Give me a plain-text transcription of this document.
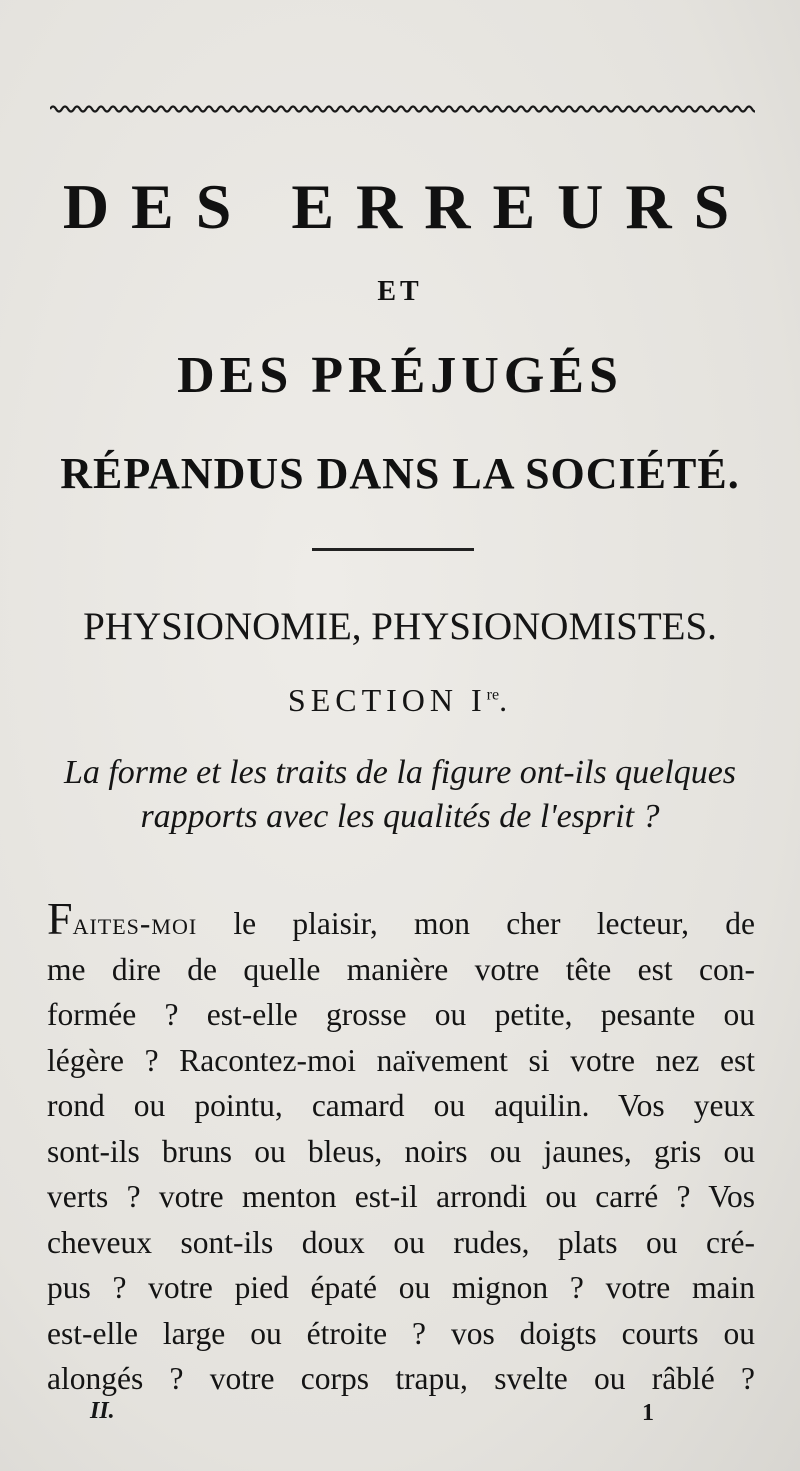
DES ERREURS
ET
DES PRÉJUGÉS
RÉPANDUS DANS LA SOCIÉTÉ.
PHYSIONOMIE, PHYSIONOMISTES.
SECTION Ire.
La forme et les traits de la figure ont-ils quelques
rapports avec les qualités de l'esprit ?
Faites-moi le plaisir, mon cher lecteur, de
me dire de quelle manière votre tête est con-
formée ? est-elle grosse ou petite, pesante ou
légère ? Racontez-moi naïvement si votre nez est
rond ou pointu, camard ou aquilin. Vos yeux
sont-ils bruns ou bleus, noirs ou jaunes, gris ou
verts ? votre menton est-il arrondi ou carré ? Vos
cheveux sont-ils doux ou rudes, plats ou cré-
pus ? votre pied épaté ou mignon ? votre main
est-elle large ou étroite ? vos doigts courts ou
alongés ? votre corps trapu, svelte ou râblé ?
II.	1
